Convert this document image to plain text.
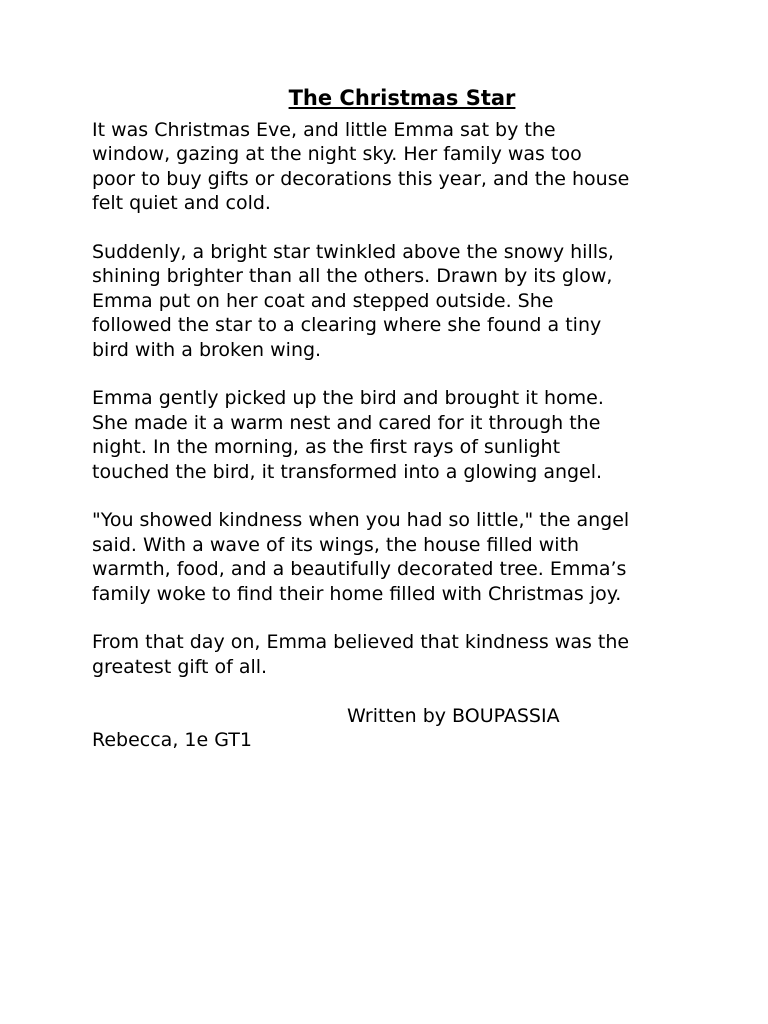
The Christmas Star

It was Christmas Eve, and little Emma sat by the
window, gazing at the night sky. Her family was too
poor to buy gifts or decorations this year, and the house
felt quiet and cold.

Suddenly, a bright star twinkled above the snowy hills,
shining brighter than all the others. Drawn by its glow,
Emma put on her coat and stepped outside. She
followed the star to a clearing where she found a tiny
bird with a broken wing.

Emma gently picked up the bird and brought it home.
She made it a warm nest and cared for it through the
night. In the morning, as the first rays of sunlight
touched the bird, it transformed into a glowing angel.

"You showed kindness when you had so little," the angel
said. With a wave of its wings, the house filled with
warmth, food, and a beautifully decorated tree. Emma’s
family woke to find their home filled with Christmas joy.

From that day on, Emma believed that kindness was the
greatest gift of all.

Written by BOUPASSIA
Rebecca, 1e GT1
